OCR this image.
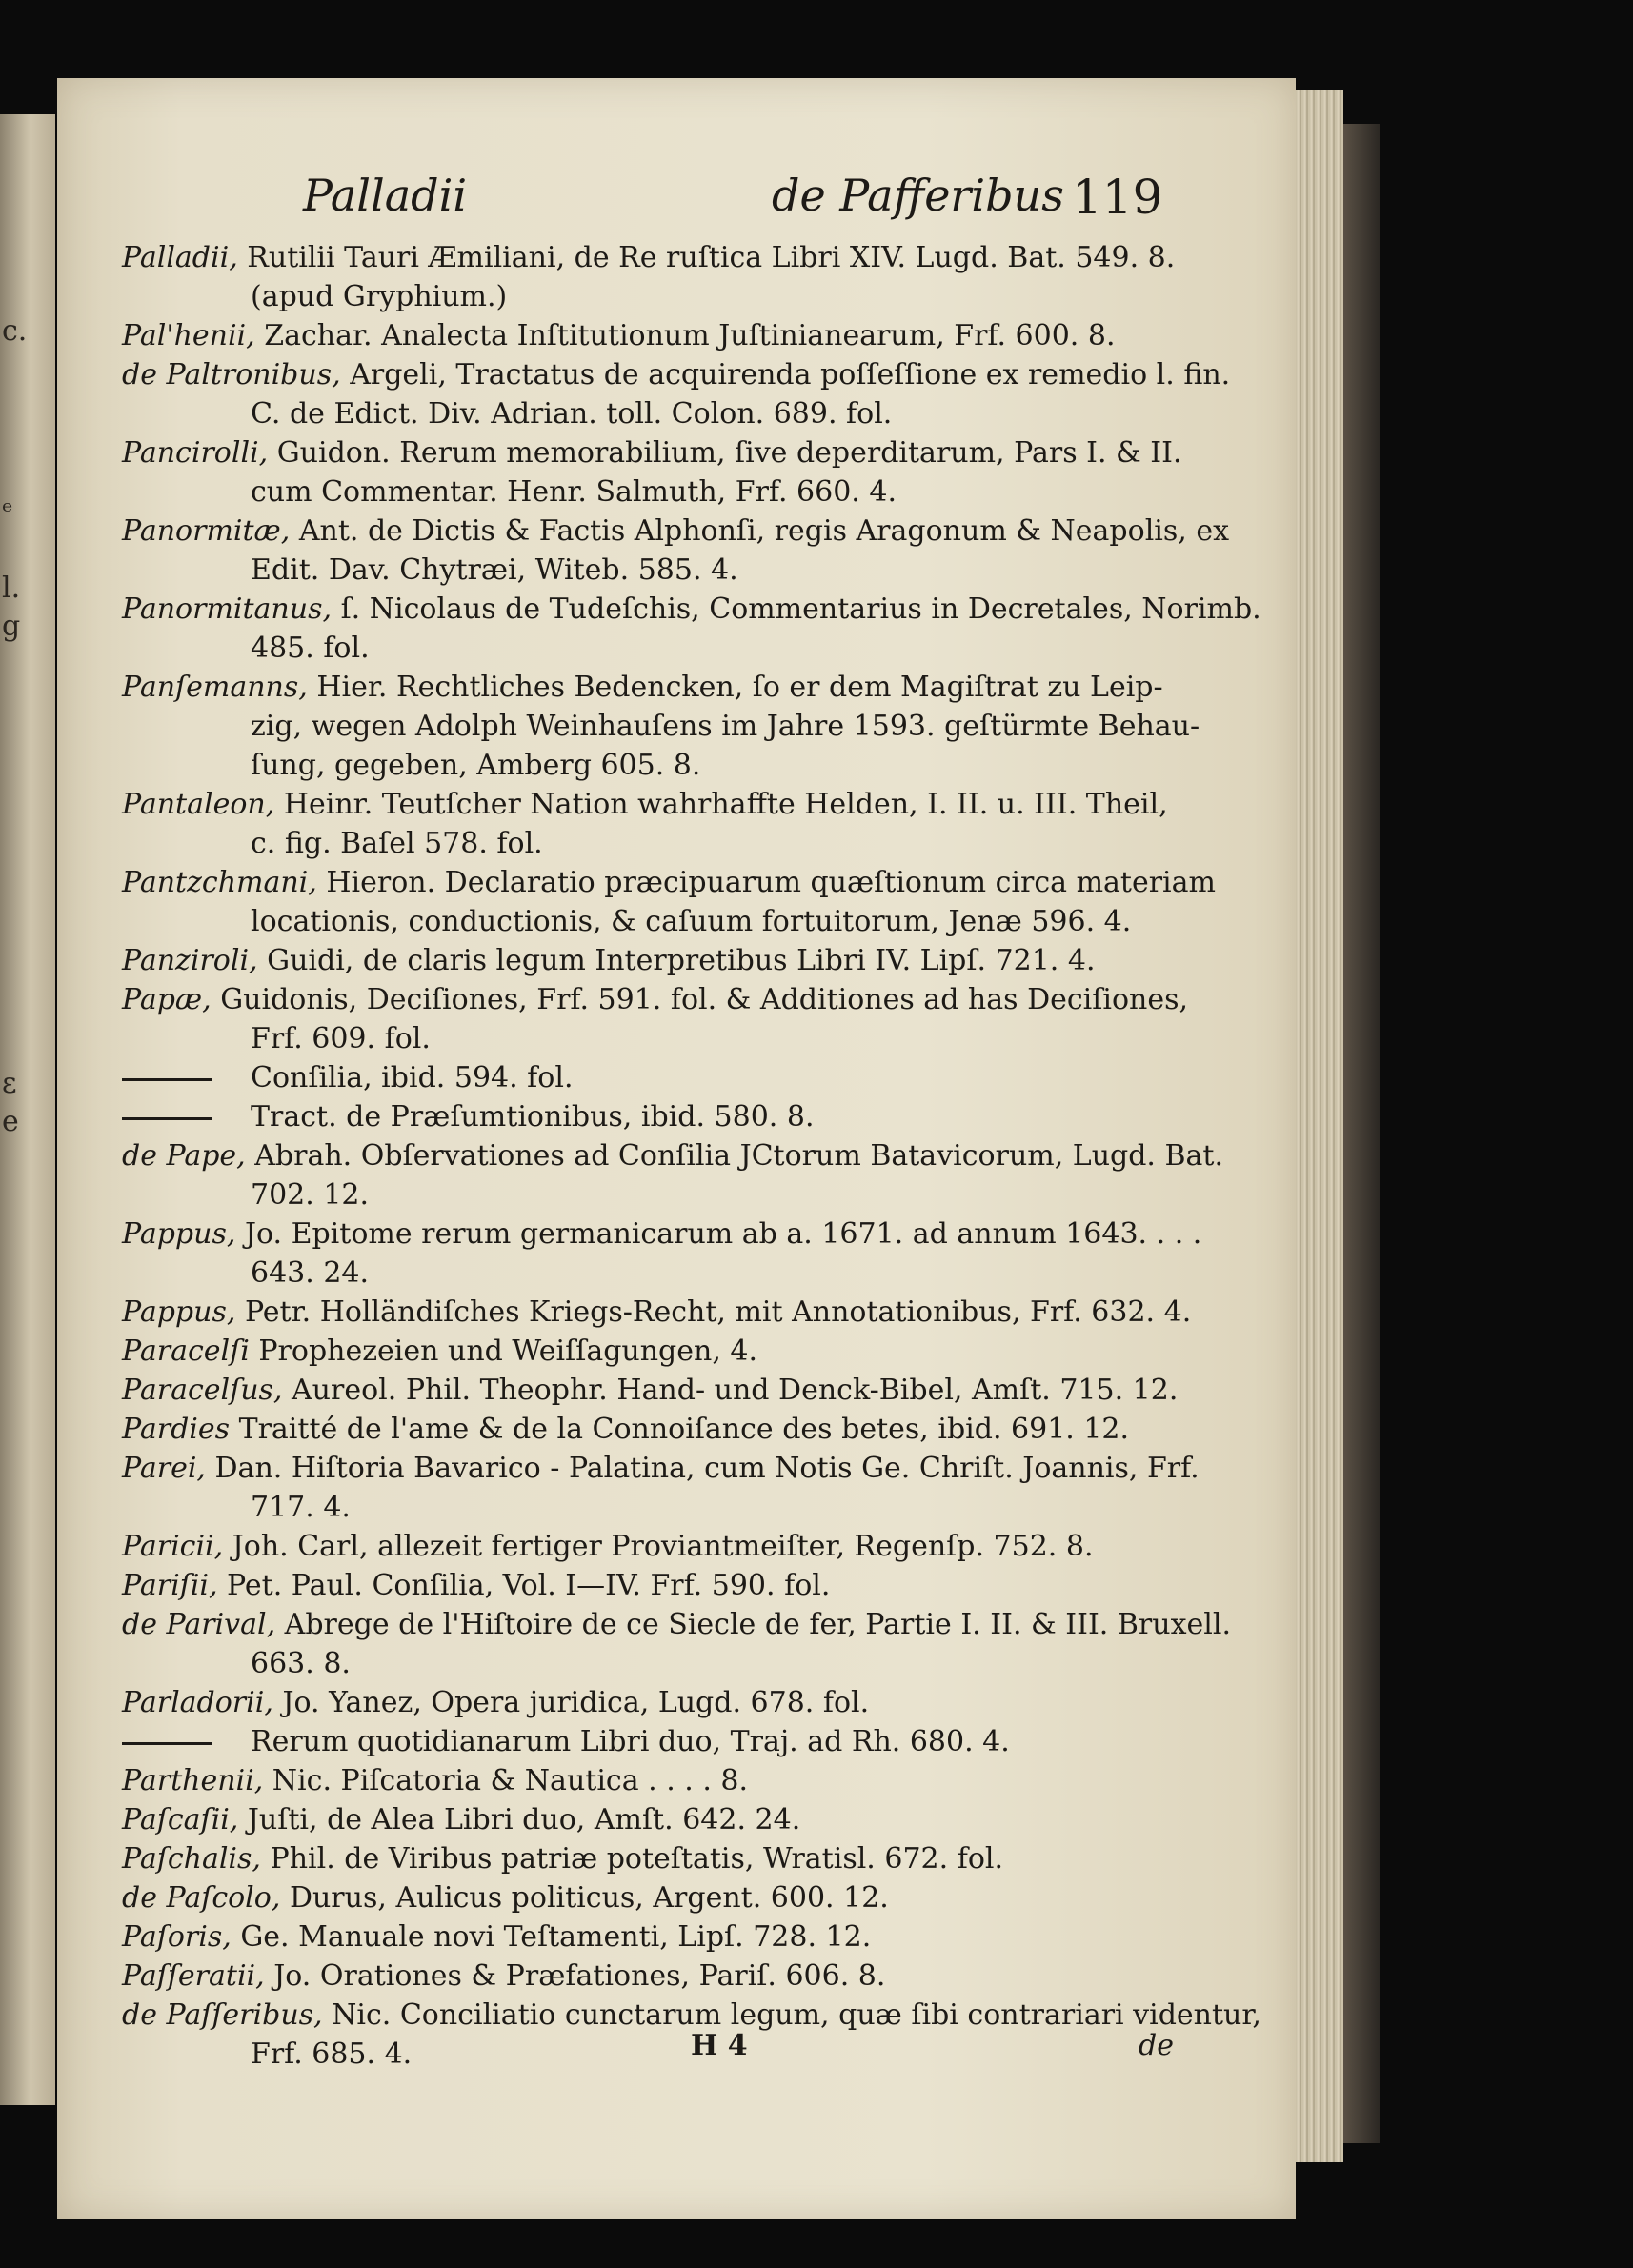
c.
ᵉ
l.
g
ɛ
e
Palladii	de Pafferibus 119
Palladii, Rutilii Tauri Æmiliani, de Re ruſtica Libri XIV. Lugd. Bat. 549. 8.
(apud Gryphium.)
Pal'henii, Zachar. Analecta Inſtitutionum Juſtinianearum, Frf. 600. 8.
de Paltronibus, Argeli, Tractatus de acquirenda poſſeſſione ex remedio l. fin.
C. de Edict. Div. Adrian. toll. Colon. 689. fol.
Pancirolli, Guidon. Rerum memorabilium, ſive deperditarum, Pars I. & II.
cum Commentar. Henr. Salmuth, Frf. 660. 4.
Panormitæ, Ant. de Dictis & Factis Alphonſi, regis Aragonum & Neapolis, ex
Edit. Dav. Chytræi, Witeb. 585. 4.
Panormitanus, ſ. Nicolaus de Tudeſchis, Commentarius in Decretales, Norimb.
485. fol.
Panſemanns, Hier. Rechtliches Bedencken, ſo er dem Magiſtrat zu Leip-
zig, wegen Adolph Weinhauſens im Jahre 1593. geſtürmte Behau-
ſung, gegeben, Amberg 605. 8.
Pantaleon, Heinr. Teutſcher Nation wahrhaffte Helden, I. II. u. III. Theil,
c. fig. Baſel 578. fol.
Pantzchmani, Hieron. Declaratio præcipuarum quæſtionum circa materiam
locationis, conductionis, & caſuum fortuitorum, Jenæ 596. 4.
Panziroli, Guidi, de claris legum Interpretibus Libri IV. Lipſ. 721. 4.
Papæ, Guidonis, Deciſiones, Frf. 591. fol. & Additiones ad has Deciſiones,
Frf. 609. fol.
Conſilia, ibid. 594. fol.
Tract. de Præſumtionibus, ibid. 580. 8.
de Pape, Abrah. Obſervationes ad Conſilia JCtorum Batavicorum, Lugd. Bat.
702. 12.
Pappus, Jo. Epitome rerum germanicarum ab a. 1671. ad annum 1643. . . .
643. 24.
Pappus, Petr. Holländiſches Kriegs-Recht, mit Annotationibus, Frf. 632. 4.
Paracelſi Prophezeien und Weiſſagungen, 4.
Paracelſus, Aureol. Phil. Theophr. Hand- und Denck-Bibel, Amſt. 715. 12.
Pardies Traitté de l'ame & de la Connoiſance des betes, ibid. 691. 12.
Parei, Dan. Hiſtoria Bavarico - Palatina, cum Notis Ge. Chriſt. Joannis, Frf.
717. 4.
Paricii, Joh. Carl, allezeit fertiger Proviantmeiſter, Regenſp. 752. 8.
Pariſii, Pet. Paul. Conſilia, Vol. I—IV. Frf. 590. fol.
de Parival, Abrege de l'Hiſtoire de ce Siecle de fer, Partie I. II. & III. Bruxell.
663. 8.
Parladorii, Jo. Yanez, Opera juridica, Lugd. 678. fol.
Rerum quotidianarum Libri duo, Traj. ad Rh. 680. 4.
Parthenii, Nic. Piſcatoria & Nautica . . . . 8.
Paſcaſii, Juſti, de Alea Libri duo, Amſt. 642. 24.
Paſchalis, Phil. de Viribus patriæ poteſtatis, Wratisl. 672. fol.
de Paſcolo, Durus, Aulicus politicus, Argent. 600. 12.
Paſoris, Ge. Manuale novi Teſtamenti, Lipſ. 728. 12.
Paſſeratii, Jo. Orationes & Præfationes, Pariſ. 606. 8.
de Paſſeribus, Nic. Conciliatio cunctarum legum, quæ ſibi contrariari videntur,
Frf. 685. 4.	H 4	de
